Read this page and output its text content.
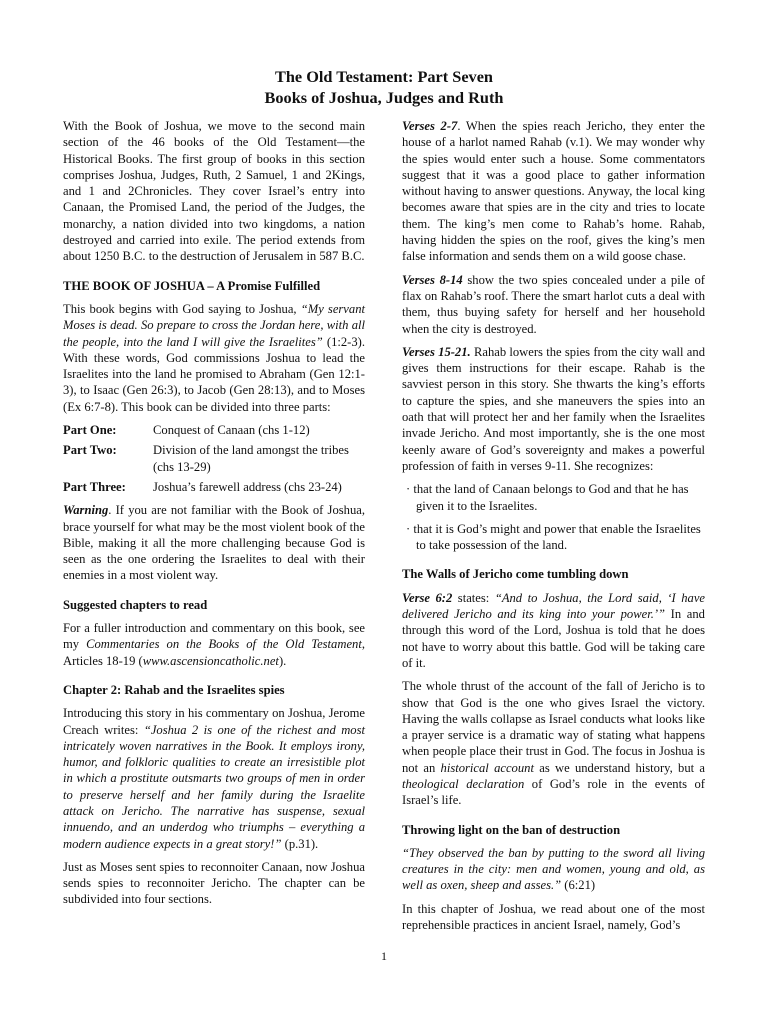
The Old Testament: Part Seven
Books of Joshua, Judges and Ruth

With the Book of Joshua, we move to the second main section of the 46 books of the Old Testament—the Historical Books. The first group of books in this section comprises Joshua, Judges, Ruth, 2 Samuel, 1 and 2Kings, and 1 and 2Chronicles. They cover Israel’s entry into Canaan, the Promised Land, the period of the Judges, the monarchy, a nation divided into two kingdoms, a nation destroyed and carried into exile. The period extends from about 1250 B.C. to the destruction of Jerusalem in 587 B.C.

THE BOOK OF JOSHUA – A Promise Fulfilled

This book begins with God saying to Joshua, “My servant Moses is dead. So prepare to cross the Jordan here, with all the people, into the land I will give the Israelites” (1:2-3). With these words, God commissions Joshua to lead the Israelites into the land he promised to Abraham (Gen 12:1-3), to Isaac (Gen 26:3), to Jacob (Gen 28:13), and to Moses (Ex 6:7-8). This book can be divided into three parts:

Part One:	Conquest of Canaan (chs 1-12)
Part Two:	Division of the land amongst the tribes (chs 13-29)
Part Three:	Joshua’s farewell address (chs 23-24)

Warning. If you are not familiar with the Book of Joshua, brace yourself for what may be the most violent book of the Bible, making it all the more challenging because God is seen as the one ordering the Israelites to deal with their enemies in a most violent way.

Suggested chapters to read

For a fuller introduction and commentary on this book, see my Commentaries on the Books of the Old Testament, Articles 18-19 (www.ascensioncatholic.net).

Chapter 2: Rahab and the Israelites spies

Introducing this story in his commentary on Joshua, Jerome Creach writes: “Joshua 2 is one of the richest and most intricately woven narratives in the Book. It employs irony, humor, and folkloric qualities to create an irresistible plot in which a prostitute outsmarts two groups of men in order to preserve herself and her family during the Israelite attack on Jericho. The narrative has suspense, sexual innuendo, and an underdog who triumphs – everything a modern audience expects in a great story!” (p.31).

Just as Moses sent spies to reconnoiter Canaan, now Joshua sends spies to reconnoiter Jericho. The chapter can be subdivided into four sections.

Verses 2-7. When the spies reach Jericho, they enter the house of a harlot named Rahab (v.1). We may wonder why the spies would enter such a house. Some commentators suggest that it was a good place to gather information without having to answer questions. Anyway, the local king becomes aware that spies are in the city and tries to locate them. The king’s men come to Rahab’s home. Rahab, having hidden the spies on the roof, gives the king’s men false information and sends them on a wild goose chase.

Verses 8-14 show the two spies concealed under a pile of flax on Rahab’s roof. There the smart harlot cuts a deal with them, thus buying safety for herself and her household when the city is destroyed.

Verses 15-21. Rahab lowers the spies from the city wall and gives them instructions for their escape. Rahab is the savviest person in this story. She thwarts the king’s efforts to capture the spies, and she maneuvers the spies into an oath that will protect her and her family when the Israelites invade Jericho. And most importantly, she is the one most keenly aware of God’s sovereignty and makes a powerful profession of faith in verses 9-11. She recognizes:

· that the land of Canaan belongs to God and that he has given it to the Israelites.

· that it is God’s might and power that enable the Israelites to take possession of the land.

The Walls of Jericho come tumbling down

Verse 6:2 states: “And to Joshua, the Lord said, ‘I have delivered Jericho and its king into your power.’” In and through this word of the Lord, Joshua is told that he does not have to worry about this battle. God will be taking care of it.

The whole thrust of the account of the fall of Jericho is to show that God is the one who gives Israel the victory. Having the walls collapse as Israel conducts what looks like a prayer service is a dramatic way of stating what happens when people place their trust in God. The focus in Joshua is not an historical account as we understand history, but a theological declaration of God’s role in the events of Israel’s life.

Throwing light on the ban of destruction

“They observed the ban by putting to the sword all living creatures in the city: men and women, young and old, as well as oxen, sheep and asses.” (6:21)

In this chapter of Joshua, we read about one of the most reprehensible practices in ancient Israel, namely, God’s

1
